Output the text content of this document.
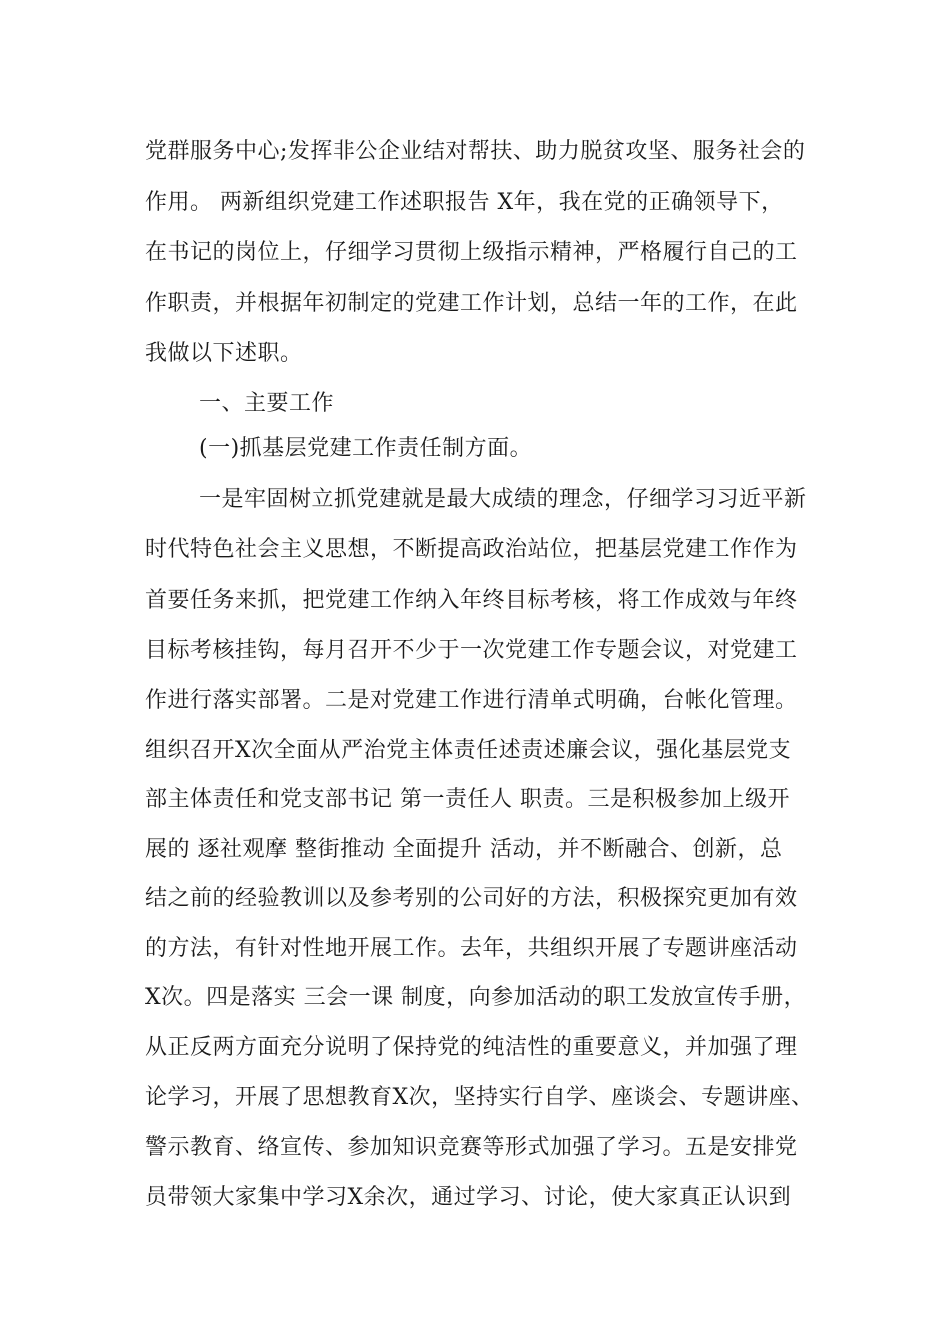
党群服务中心;发挥非公企业结对帮扶、助力脱贫攻坚、服务社会的
作用。 两新组织党建工作述职报告 X年，我在党的正确领导下，
在书记的岗位上，仔细学习贯彻上级指示精神，严格履行自己的工
作职责，并根据年初制定的党建工作计划，总结一年的工作，在此
我做以下述职。
一、主要工作
(一)抓基层党建工作责任制方面。
一是牢固树立抓党建就是最大成绩的理念，仔细学习习近平新
时代特色社会主义思想，不断提高政治站位，把基层党建工作作为
首要任务来抓，把党建工作纳入年终目标考核，将工作成效与年终
目标考核挂钩，每月召开不少于一次党建工作专题会议，对党建工
作进行落实部署。二是对党建工作进行清单式明确，台帐化管理。
组织召开X次全面从严治党主体责任述责述廉会议，强化基层党支
部主体责任和党支部书记 第一责任人 职责。三是积极参加上级开
展的 逐社观摩 整街推动 全面提升 活动，并不断融合、创新，总
结之前的经验教训以及参考别的公司好的方法，积极探究更加有效
的方法，有针对性地开展工作。去年，共组织开展了专题讲座活动
X次。四是落实 三会一课 制度，向参加活动的职工发放宣传手册，
从正反两方面充分说明了保持党的纯洁性的重要意义，并加强了理
论学习，开展了思想教育X次，坚持实行自学、座谈会、专题讲座、
警示教育、络宣传、参加知识竞赛等形式加强了学习。五是安排党
员带领大家集中学习X余次，通过学习、讨论，使大家真正认识到
